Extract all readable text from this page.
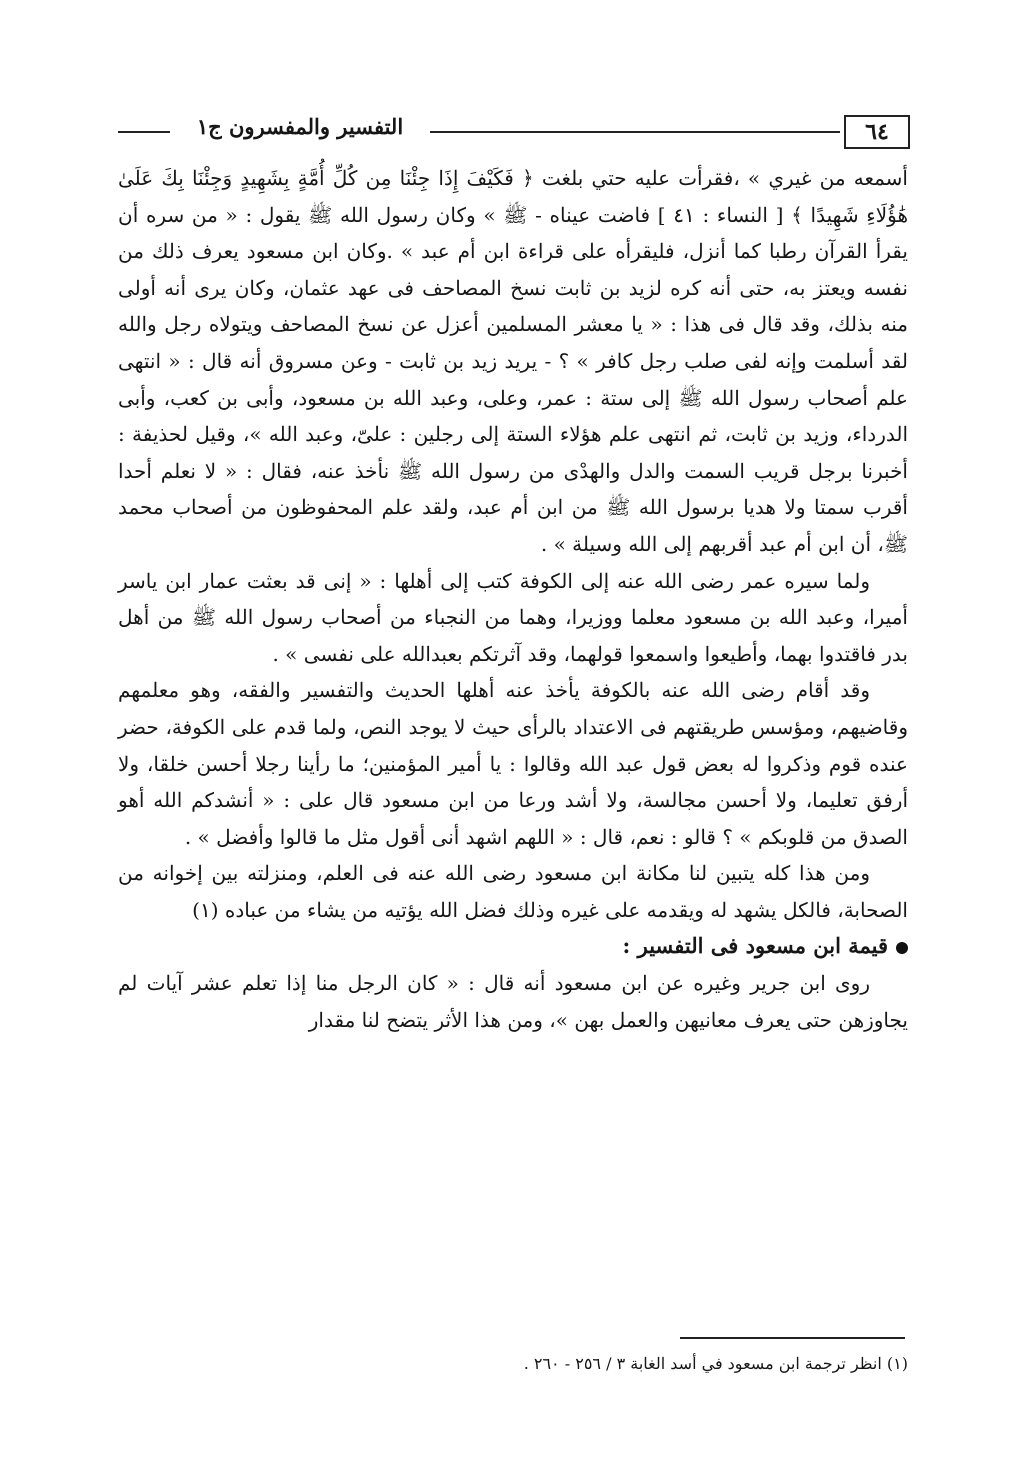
التفسير والمفسرون ج١	٦٤

أسمعه من غيري » ،فقرأت عليه حتي بلغت ﴿ فَكَيْفَ إِذَا جِئْنَا مِن كُلِّ أُمَّةٍ بِشَهِيدٍ وَجِئْنَا بِكَ عَلَىٰ هَٰؤُلَاءِ شَهِيدًا ﴾ [ النساء : ٤١ ] فاضت عيناه - ﷺ » وكان رسول الله ﷺ يقول : « من سره أن يقرأ القرآن رطبا كما أنزل، فليقرأه على قراءة ابن أم عبد » .وكان ابن مسعود يعرف ذلك من نفسه ويعتز به، حتى أنه كره لزيد بن ثابت نسخ المصاحف فى عهد عثمان، وكان يرى أنه أولى منه بذلك، وقد قال فى هذا : « يا معشر المسلمين أعزل عن نسخ المصاحف ويتولاه رجل والله لقد أسلمت وإنه لفى صلب رجل كافر » ؟ - يريد زيد بن ثابت - وعن مسروق أنه قال : « انتهى علم أصحاب رسول الله ﷺ إلى ستة : عمر، وعلى، وعبد الله بن مسعود، وأبى بن كعب، وأبى الدرداء، وزيد بن ثابت، ثم انتهى علم هؤلاء الستة إلى رجلين : علىّ، وعبد الله »، وقيل لحذيفة : أخبرنا برجل قريب السمت والدل والهدْى من رسول الله ﷺ نأخذ عنه، فقال : « لا نعلم أحدا أقرب سمتا ولا هديا برسول الله ﷺ من ابن أم عبد، ولقد علم المحفوظون من أصحاب محمد ﷺ، أن ابن أم عبد أقربهم إلى الله وسيلة » .

ولما سيره عمر رضى الله عنه إلى الكوفة كتب إلى أهلها : « إنى قد بعثت عمار ابن ياسر أميرا، وعبد الله بن مسعود معلما ووزيرا، وهما من النجباء من أصحاب رسول الله ﷺ من أهل بدر فاقتدوا بهما، وأطيعوا واسمعوا قولهما، وقد آثرتكم بعبدالله على نفسى » .

وقد أقام رضى الله عنه بالكوفة يأخذ عنه أهلها الحديث والتفسير والفقه، وهو معلمهم وقاضيهم، ومؤسس طريقتهم فى الاعتداد بالرأى حيث لا يوجد النص، ولما قدم على الكوفة، حضر عنده قوم وذكروا له بعض قول عبد الله وقالوا : يا أمير المؤمنين؛ ما رأينا رجلا أحسن خلقا، ولا أرفق تعليما، ولا أحسن مجالسة، ولا أشد ورعا من ابن مسعود قال على : « أنشدكم الله أهو الصدق من قلوبكم » ؟ قالو : نعم، قال : « اللهم اشهد أنى أقول مثل ما قالوا وأفضل » .

ومن هذا كله يتبين لنا مكانة ابن مسعود رضى الله عنه فى العلم، ومنزلته بين إخوانه من الصحابة، فالكل يشهد له ويقدمه على غيره وذلك فضل الله يؤتيه من يشاء من عباده (١)

قيمة ابن مسعود فى التفسير :

روى ابن جرير وغيره عن ابن مسعود أنه قال : « كان الرجل منا إذا تعلم عشر آيات لم يجاوزهن حتى يعرف معانيهن والعمل بهن »، ومن هذا الأثر يتضح لنا مقدار

(١) انظر ترجمة ابن مسعود في أسد الغابة ٣ / ٢٥٦ - ٢٦٠ .
